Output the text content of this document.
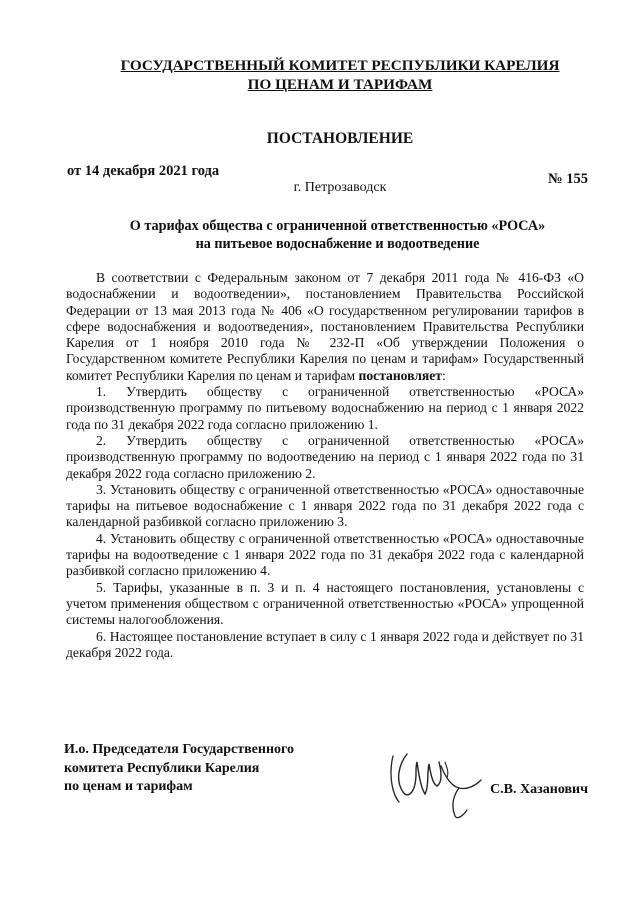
ГОСУДАРСТВЕННЫЙ КОМИТЕТ РЕСПУБЛИКИ КАРЕЛИЯ
ПО ЦЕНАМ И ТАРИФАМ
ПОСТАНОВЛЕНИЕ
от 14 декабря 2021 года	№ 155
г. Петрозаводск
О тарифах общества с ограниченной ответственностью «РОСА»
на питьевое водоснабжение и водоотведение

В соответствии с Федеральным законом от 7 декабря 2011 года № 416-ФЗ «О водоснабжении и водоотведении», постановлением Правительства Российской Федерации от 13 мая 2013 года № 406 «О государственном регулировании тарифов в сфере водоснабжения и водоотведения», постановлением Правительства Республики Карелия от 1 ноября 2010 года № 232-П «Об утверждении Положения о Государственном комитете Республики Карелия по ценам и тарифам» Государственный комитет Республики Карелия по ценам и тарифам постановляет:

1. Утвердить обществу с ограниченной ответственностью «РОСА» производственную программу по питьевому водоснабжению на период с 1 января 2022 года по 31 декабря 2022 года согласно приложению 1.

2. Утвердить обществу с ограниченной ответственностью «РОСА» производственную программу по водоотведению на период с 1 января 2022 года по 31 декабря 2022 года согласно приложению 2.

3. Установить обществу с ограниченной ответственностью «РОСА» одноставочные тарифы на питьевое водоснабжение с 1 января 2022 года по 31 декабря 2022 года с календарной разбивкой согласно приложению 3.

4. Установить обществу с ограниченной ответственностью «РОСА» одноставочные тарифы на водоотведение с 1 января 2022 года по 31 декабря 2022 года с календарной разбивкой согласно приложению 4.

5. Тарифы, указанные в п. 3 и п. 4 настоящего постановления, установлены с учетом применения обществом с ограниченной ответственностью «РОСА» упрощенной системы налогообложения.

6. Настоящее постановление вступает в силу с 1 января 2022 года и действует по 31 декабря 2022 года.

И.о. Председателя Государственного
комитета Республики Карелия
по ценам и тарифам	С.В. Хазанович
